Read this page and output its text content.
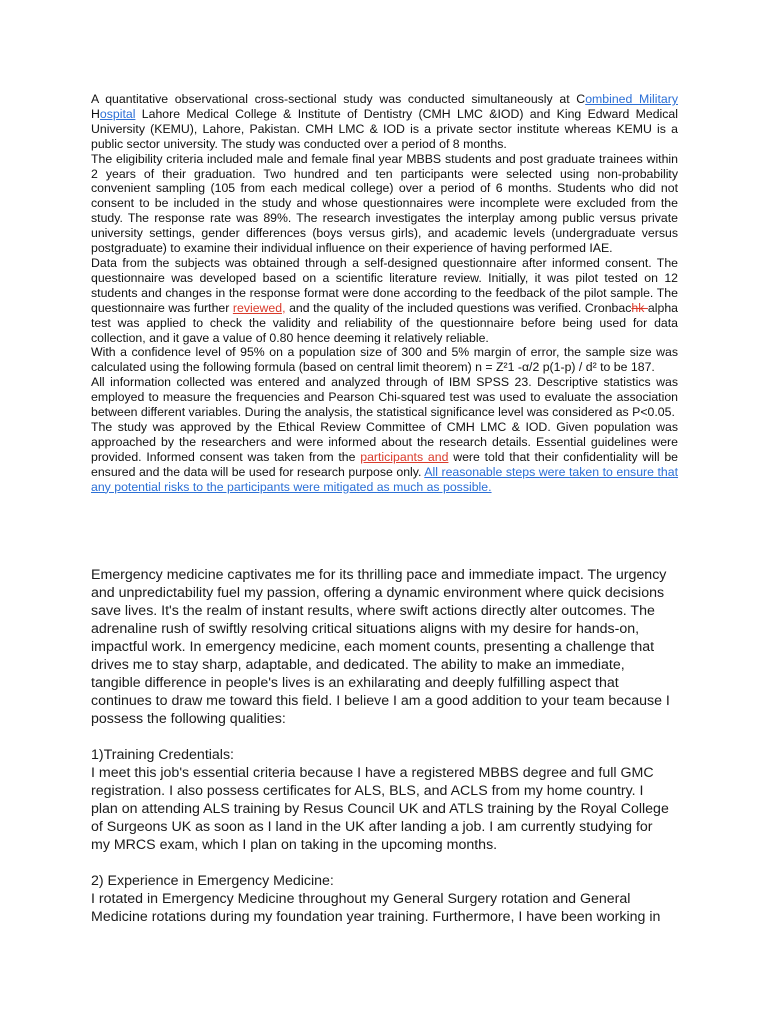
A quantitative observational cross-sectional study was conducted simultaneously at Combined Military Hospital Lahore Medical College & Institute of Dentistry (CMH LMC &IOD) and King Edward Medical University (KEMU), Lahore, Pakistan. CMH LMC & IOD is a private sector institute whereas KEMU is a public sector university. The study was conducted over a period of 8 months.

The eligibility criteria included male and female final year MBBS students and post graduate trainees within 2 years of their graduation. Two hundred and ten participants were selected using non-probability convenient sampling (105 from each medical college) over a period of 6 months. Students who did not consent to be included in the study and whose questionnaires were incomplete were excluded from the study. The response rate was 89%. The research investigates the interplay among public versus private university settings, gender differences (boys versus girls), and academic levels (undergraduate versus postgraduate) to examine their individual influence on their experience of having performed IAE.

Data from the subjects was obtained through a self-designed questionnaire after informed consent. The questionnaire was developed based on a scientific literature review. Initially, it was pilot tested on 12 students and changes in the response format were done according to the feedback of the pilot sample. The questionnaire was further reviewed, and the quality of the included questions was verified. Cronbachk alpha test was applied to check the validity and reliability of the questionnaire before being used for data collection, and it gave a value of 0.80 hence deeming it relatively reliable.

With a confidence level of 95% on a population size of 300 and 5% margin of error, the sample size was calculated using the following formula (based on central limit theorem) n = Z²1 -α/2 p(1-p) / d² to be 187.

All information collected was entered and analyzed through of IBM SPSS 23. Descriptive statistics was employed to measure the frequencies and Pearson Chi-squared test was used to evaluate the association between different variables. During the analysis, the statistical significance level was considered as P<0.05.

The study was approved by the Ethical Review Committee of CMH LMC & IOD. Given population was approached by the researchers and were informed about the research details. Essential guidelines were provided. Informed consent was taken from the participants and were told that their confidentiality will be ensured and the data will be used for research purpose only. All reasonable steps were taken to ensure that any potential risks to the participants were mitigated as much as possible.

Emergency medicine captivates me for its thrilling pace and immediate impact. The urgency and unpredictability fuel my passion, offering a dynamic environment where quick decisions save lives. It's the realm of instant results, where swift actions directly alter outcomes. The adrenaline rush of swiftly resolving critical situations aligns with my desire for hands-on, impactful work. In emergency medicine, each moment counts, presenting a challenge that drives me to stay sharp, adaptable, and dedicated. The ability to make an immediate, tangible difference in people's lives is an exhilarating and deeply fulfilling aspect that continues to draw me toward this field. I believe I am a good addition to your team because I possess the following qualities:

1)Training Credentials:

I meet this job's essential criteria because I have a registered MBBS degree and full GMC registration. I also possess certificates for ALS, BLS, and ACLS from my home country. I plan on attending ALS training by Resus Council UK and ATLS training by the Royal College of Surgeons UK as soon as I land in the UK after landing a job. I am currently studying for my MRCS exam, which I plan on taking in the upcoming months.

2) Experience in Emergency Medicine:

I rotated in Emergency Medicine throughout my General Surgery rotation and General Medicine rotations during my foundation year training. Furthermore, I have been working in
